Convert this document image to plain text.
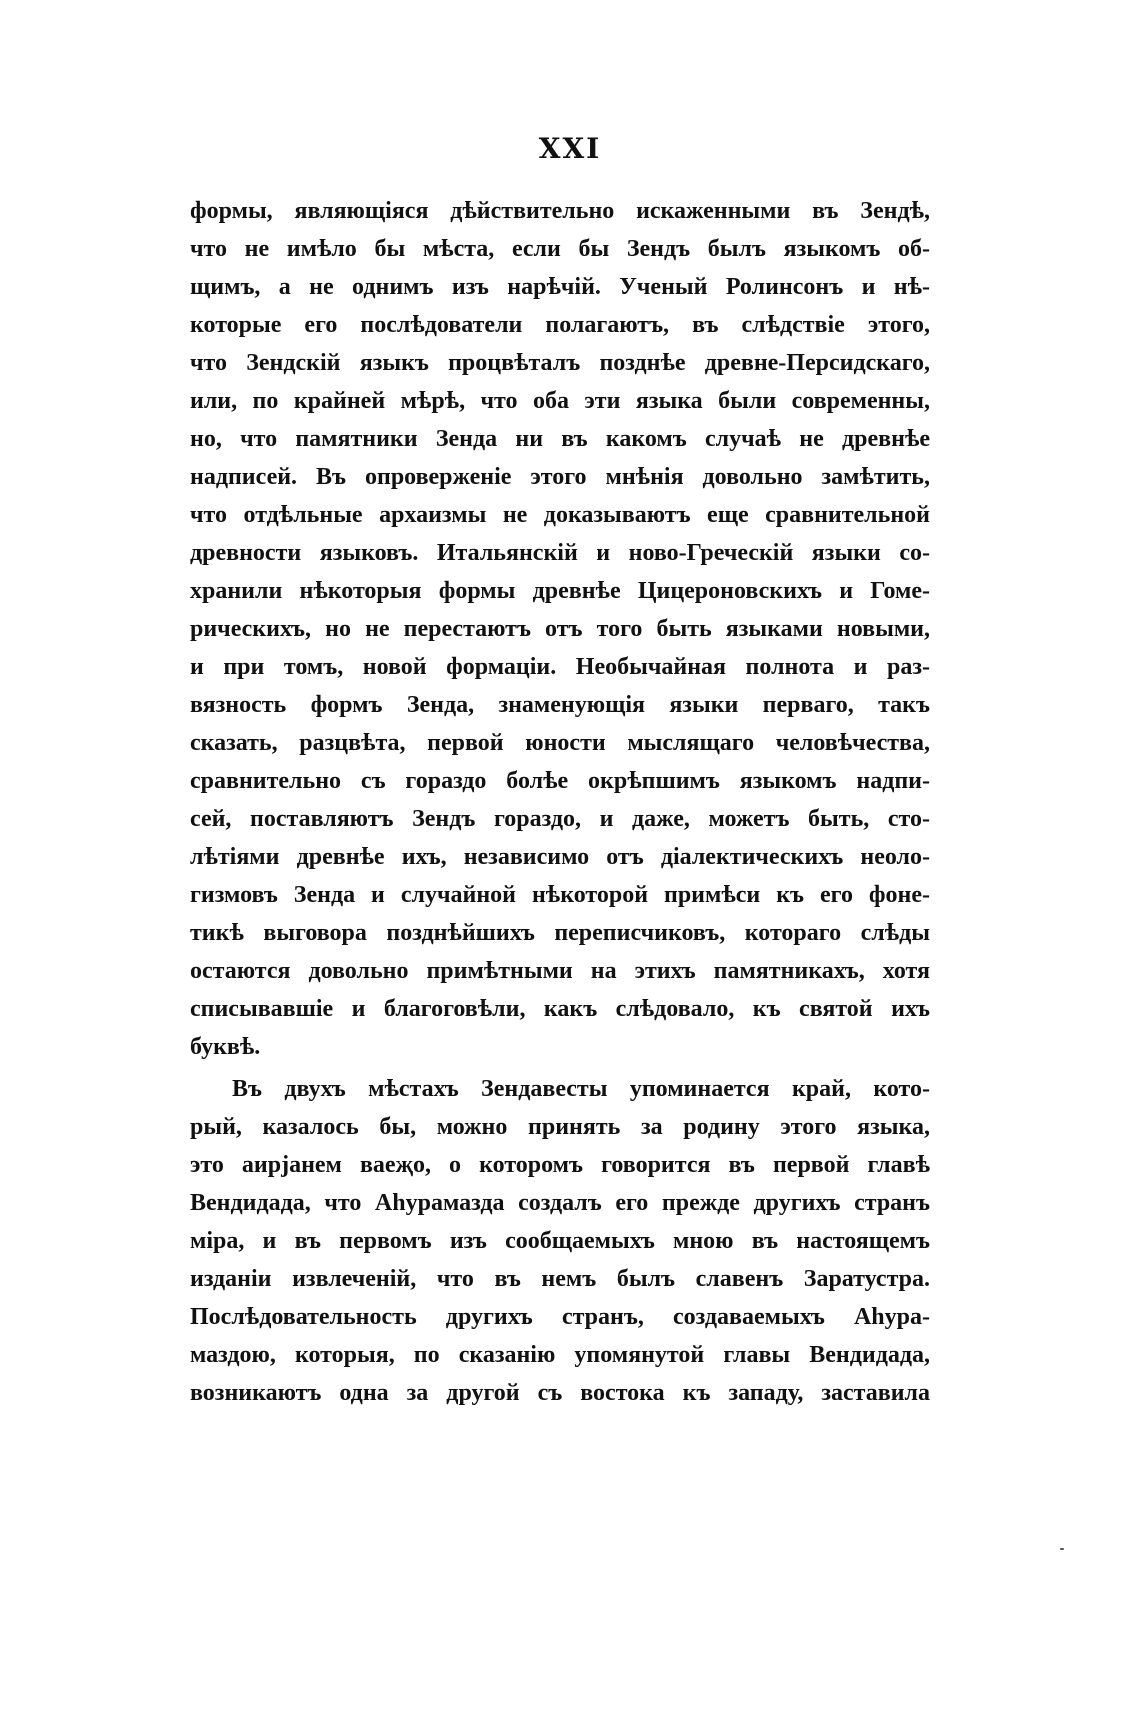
XXI
формы, являющіяся дѣйствительно искаженными въ Зендѣ,
что не имѣло бы мѣста, если бы Зендъ былъ языкомъ об-
щимъ, а не однимъ изъ нарѣчій. Ученый Ролинсонъ и нѣ-
которые его послѣдователи полагаютъ, въ слѣдствіе этого,
что Зендскій языкъ процвѣталъ позднѣе древне-Персидскаго,
или, по крайней мѣрѣ, что оба эти языка были современны,
но, что памятники Зенда ни въ какомъ случаѣ не древнѣе
надписей. Въ опроверженіе этого мнѣнія довольно замѣтить,
что отдѣльные архаизмы не доказываютъ еще сравнительной
древности языковъ. Итальянскій и ново-Греческій языки со-
хранили нѣкоторыя формы древнѣе Цицероновскихъ и Гоме-
рическихъ, но не перестаютъ отъ того быть языками новыми,
и при томъ, новой формаціи. Необычайная полнота и раз-
вязность формъ Зенда, знаменующія языки перваго, такъ
сказать, разцвѣта, первой юности мыслящаго человѣчества,
сравнительно съ гораздо болѣе окрѣпшимъ языкомъ надпи-
сей, поставляютъ Зендъ гораздо, и даже, можетъ быть, сто-
лѣтіями древнѣе ихъ, независимо отъ діалектическихъ неоло-
гизмовъ Зенда и случайной нѣкоторой примѣси къ его фоне-
тикѣ выговора позднѣйшихъ переписчиковъ, котораго слѣды
остаются довольно примѣтными на этихъ памятникахъ, хотя
списывавшіе и благоговѣли, какъ слѣдовало, къ святой ихъ
буквѣ.
Въ двухъ мѣстахъ Зендавесты упоминается край, кото-
рый, казалось бы, можно принять за родину этого языка,
это аирjанем ваеҗо, о которомъ говорится въ первой главѣ
Вендидада, что Аhурамазда создалъ его прежде другихъ странъ
міра, и въ первомъ изъ сообщаемыхъ мною въ настоящемъ
изданіи извлеченій, что въ немъ былъ славенъ Заратустра.
Послѣдовательность другихъ странъ, создаваемыхъ Аhура-
маздою, которыя, по сказанію упомянутой главы Вендидада,
возникаютъ одна за другой съ востока къ западу, заставила
